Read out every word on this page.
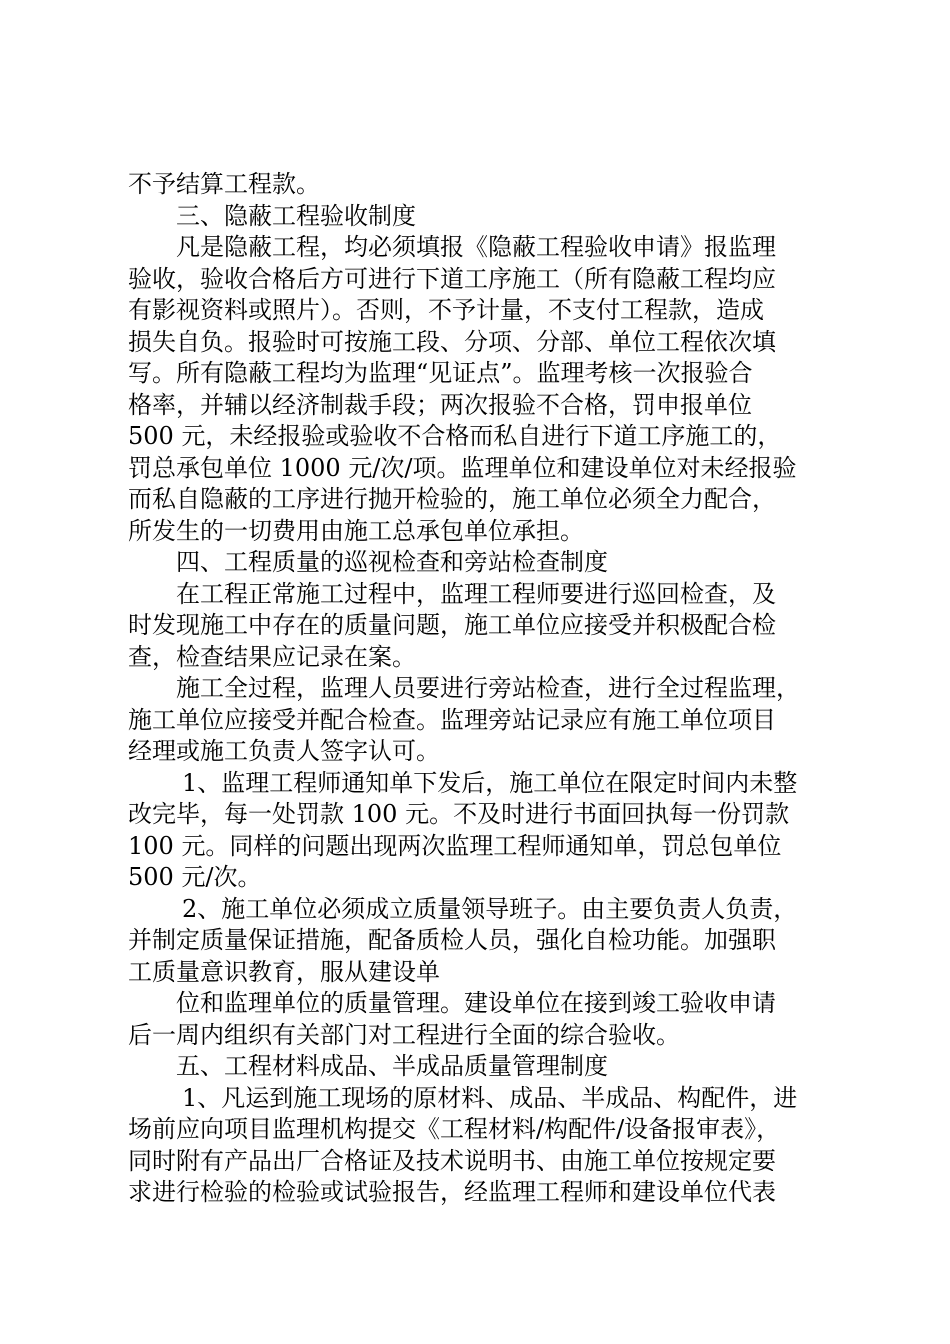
不予结算工程款。
三、隐蔽工程验收制度
凡是隐蔽工程，均必须填报《隐蔽工程验收申请》报监理
验收，验收合格后方可进行下道工序施工（所有隐蔽工程均应
有影视资料或照片）。否则，不予计量，不支付工程款，造成
损失自负。报验时可按施工段、分项、分部、单位工程依次填
写。所有隐蔽工程均为监理“见证点”。监理考核一次报验合
格率，并辅以经济制裁手段；两次报验不合格，罚申报单位
500 元，未经报验或验收不合格而私自进行下道工序施工的，
罚总承包单位 1000 元/次/项。监理单位和建设单位对未经报验
而私自隐蔽的工序进行抛开检验的，施工单位必须全力配合，
所发生的一切费用由施工总承包单位承担。
四、工程质量的巡视检查和旁站检查制度
在工程正常施工过程中，监理工程师要进行巡回检查，及
时发现施工中存在的质量问题，施工单位应接受并积极配合检
查，检查结果应记录在案。
施工全过程，监理人员要进行旁站检查，进行全过程监理，
施工单位应接受并配合检查。监理旁站记录应有施工单位项目
经理或施工负责人签字认可。
1、监理工程师通知单下发后，施工单位在限定时间内未整
改完毕，每一处罚款 100 元。不及时进行书面回执每一份罚款
100 元。同样的问题出现两次监理工程师通知单，罚总包单位
500 元/次。
2、施工单位必须成立质量领导班子。由主要负责人负责，
并制定质量保证措施，配备质检人员，强化自检功能。加强职
工质量意识教育，服从建设单
位和监理单位的质量管理。建设单位在接到竣工验收申请
后一周内组织有关部门对工程进行全面的综合验收。
五、工程材料成品、半成品质量管理制度
1、凡运到施工现场的原材料、成品、半成品、构配件，进
场前应向项目监理机构提交《工程材料/构配件/设备报审表》，
同时附有产品出厂合格证及技术说明书、由施工单位按规定要
求进行检验的检验或试验报告，经监理工程师和建设单位代表
